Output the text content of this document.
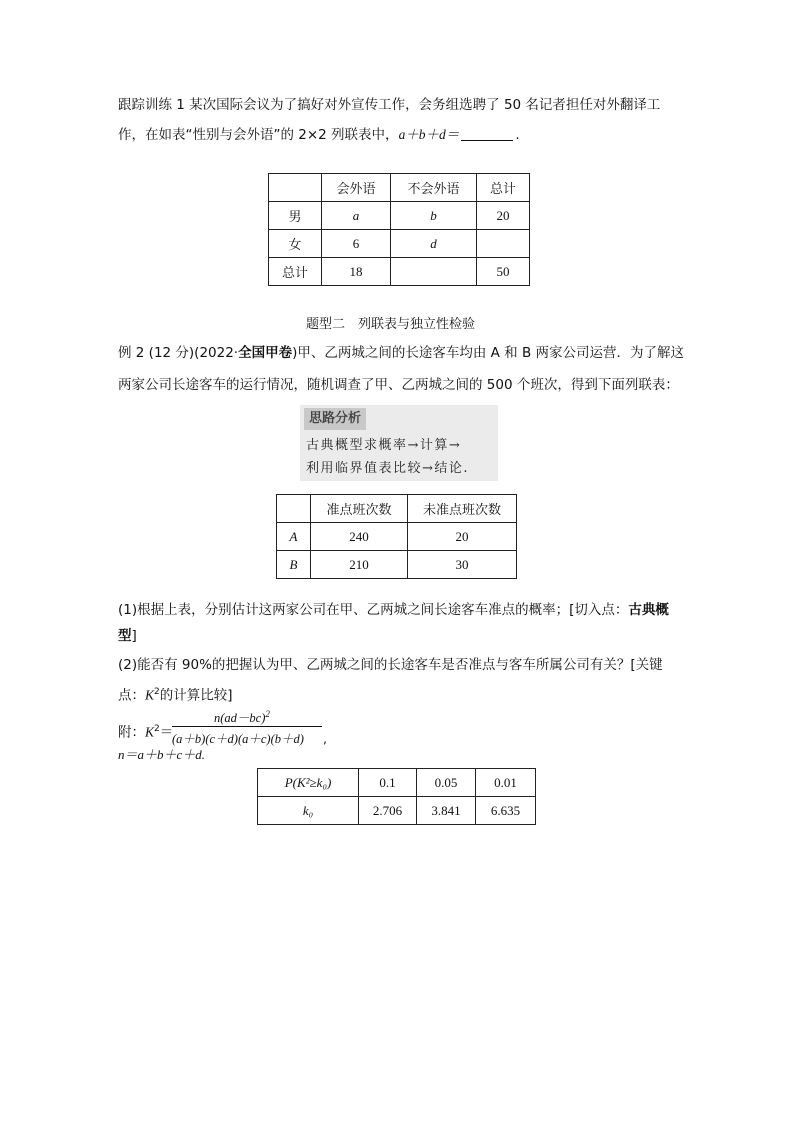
跟踪训练 1 某次国际会议为了搞好对外宣传工作，会务组选聘了 50 名记者担任对外翻译工
作，在如表“性别与会外语”的 2×2 列联表中，a＋b＋d＝	.
	会外语	不会外语	总计
男	a	b	20
女	6	d	
总计	18		50
题型二　列联表与独立性检验
例 2 (12 分)(2022·全国甲卷)甲、乙两城之间的长途客车均由 A 和 B 两家公司运营．为了解这
两家公司长途客车的运行情况，随机调查了甲、乙两城之间的 500 个班次，得到下面列联表：
思路分析
古典概型求概率→计算→
利用临界值表比较→结论.
	准点班次数	未准点班次数
A	240	20
B	210	30
(1)根据上表，分别估计这两家公司在甲、乙两城之间长途客车准点的概率；[切入点：古典概
型]
(2)能否有 90%的把握认为甲、乙两城之间的长途客车是否准点与客车所属公司有关？[关键
点：$K^2$的计算比较]
附：$K^2=$
$n(ad-bc)^2$
(a＋b)(c＋d)(a＋c)(b＋d) ,
n＝a＋b＋c＋d.
P(K²≥k₀)	0.1	0.05	0.01
k₀	2.706	3.841	6.635
